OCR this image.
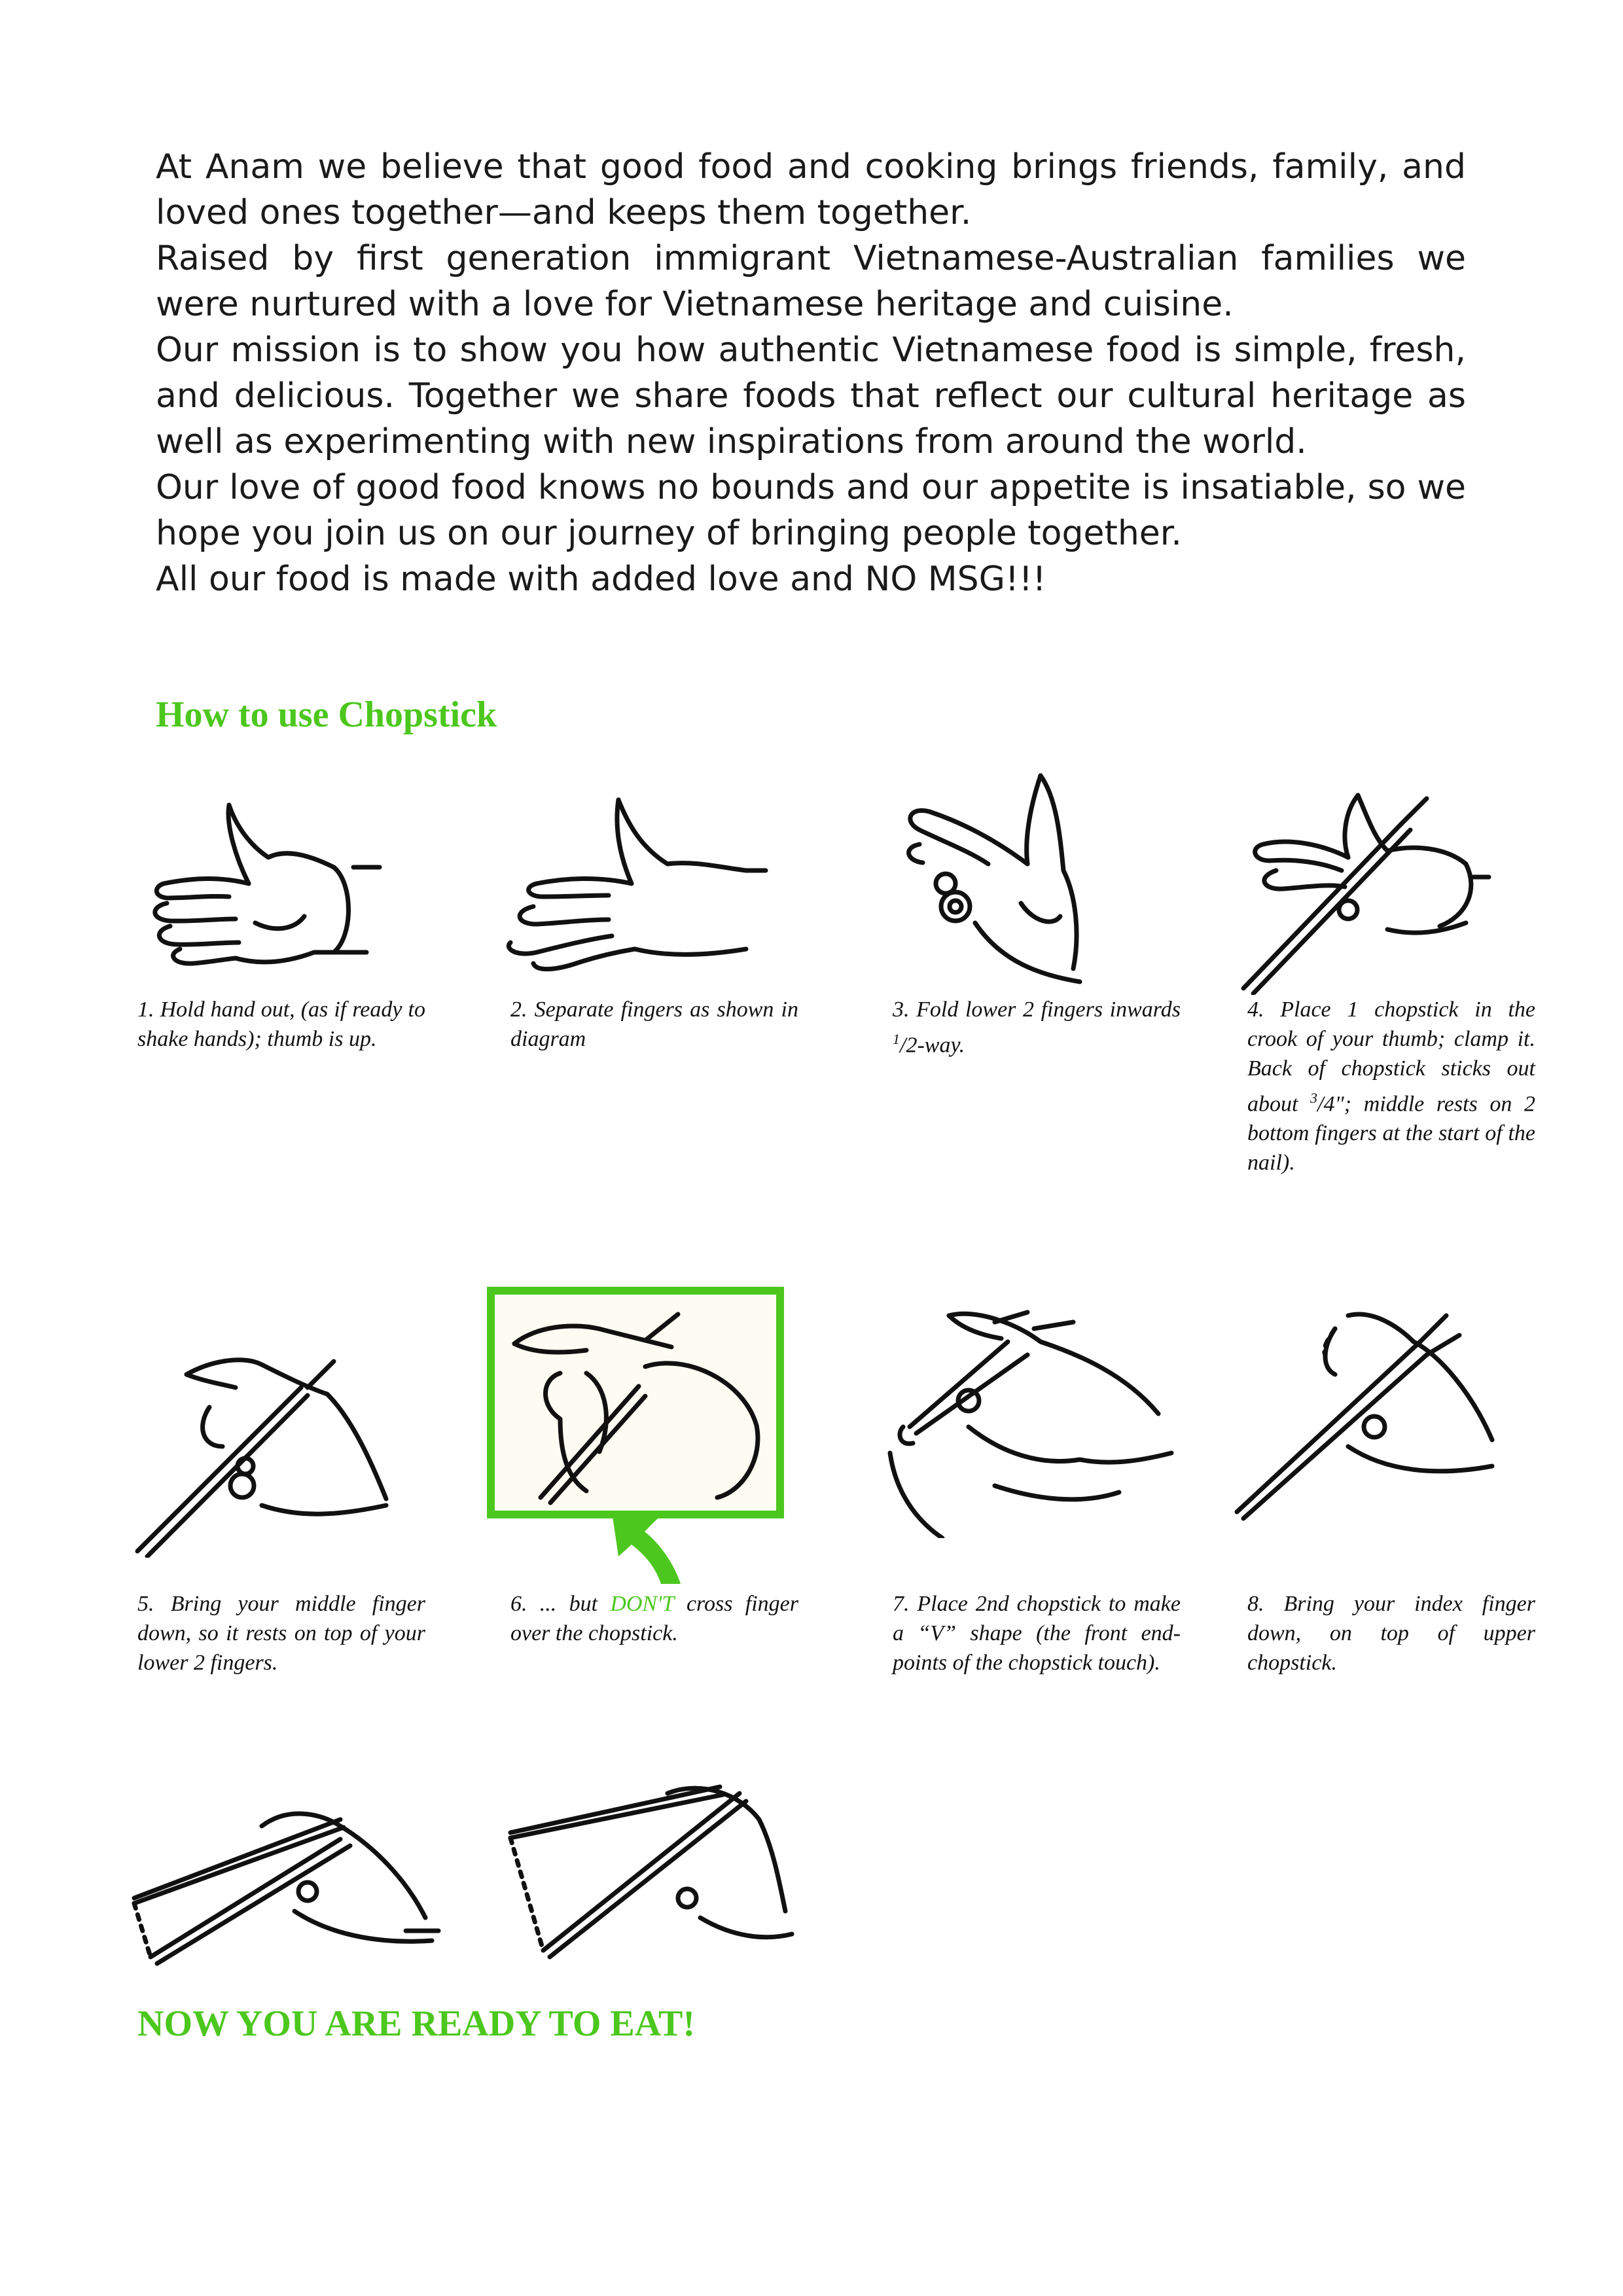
At Anam we believe that good food and cooking brings friends, family, and loved ones together—and keeps them together.

Raised by first generation immigrant Vietnamese-Australian families we were nurtured with a love for Vietnamese heritage and cuisine.

Our mission is to show you how authentic Vietnamese food is simple, fresh, and delicious. Together we share foods that reflect our cultural heritage as well as experimenting with new inspirations from around the world.

Our love of good food knows no bounds and our appetite is insatiable, so we hope you join us on our journey of bringing people together.

All our food is made with added love and NO MSG!!!

How to use Chopstick

1. Hold hand out, (as if ready to shake hands); thumb is up.

2. Separate fingers as shown in diagram

3. Fold lower 2 fingers inwards $^1$/2-way.

4. Place 1 chopstick in the crook of your thumb; clamp it. Back of chopstick sticks out about $^3$/4"; middle rests on 2 bottom fingers at the start of the nail).

5. Bring your middle finger down, so it rests on top of your lower 2 fingers.

6. ... but DON'T cross finger over the chopstick.

7. Place 2nd chopstick to make a “V” shape (the front end-points of the chopstick touch).

8. Bring your index finger down, on top of upper chopstick.

NOW YOU ARE READY TO EAT!
